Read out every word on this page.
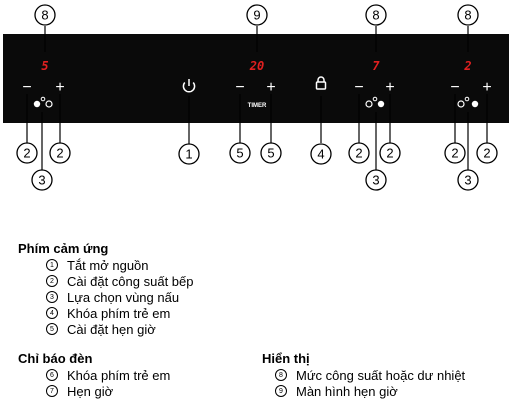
5	20	7	2
− +	− +
TIMER
− +	− +
8	9	8	8
2 2
3
1	5 5	4 2 2
3
2 2
3
Phím cảm ứng
1	Tắt mở nguồn
2	Cài đặt công suất bếp
3	Lựa chọn vùng nấu
4	Khóa phím trẻ em
5	Cài đặt hẹn giờ
Chỉ báo đèn
6	Khóa phím trẻ em
7	Hẹn giờ
Hiển thị
8	Mức công suất hoặc dư nhiệt
9	Màn hình hẹn giờ
